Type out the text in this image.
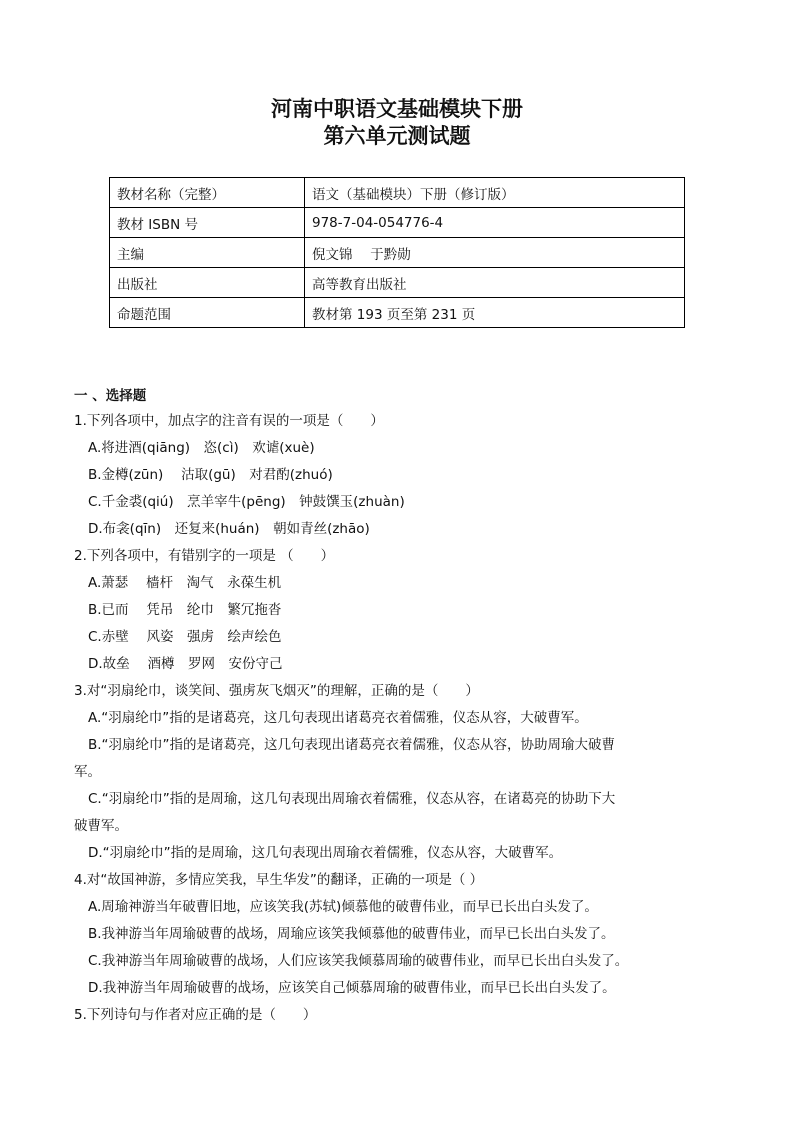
河南中职语文基础模块下册
第六单元测试题
教材名称（完整）	语文（基础模块）下册（修订版）
教材 ISBN 号	978-7-04-054776-4
主编	倪文锦　 于黔勋
出版社	高等教育出版社
命题范围	教材第 193 页至第 231 页
一 、选择题
1.下列各项中，加点字的注音有误的一项是（　　）
A.将进酒(qiāng)　恣(cì)　欢谑(xuè)
B.金樽(zūn)　 沽取(gū)　对君酌(zhuó)
C.千金裘(qiú)　烹羊宰牛(pēng)　钟鼓馔玉(zhuàn)
D.布衾(qīn)　还复来(huán)　朝如青丝(zhāo)
2.下列各项中，有错别字的一项是 （　　）
A.萧瑟　 樯杆　淘气　永葆生机
B.已而　 凭吊　纶巾　繁冗拖沓
C.赤壁　 风姿　强虏　绘声绘色
D.故垒　 酒樽　罗网　安份守己
3.对“羽扇纶巾，谈笑间、强虏灰飞烟灭”的理解，正确的是（　　）
A.“羽扇纶巾”指的是诸葛亮，这几句表现出诸葛亮衣着儒雅，仪态从容，大破曹军。
B.“羽扇纶巾”指的是诸葛亮，这几句表现出诸葛亮衣着儒雅，仪态从容，协助周瑜大破曹
军。
C.“羽扇纶巾”指的是周瑜，这几句表现出周瑜衣着儒雅，仪态从容，在诸葛亮的协助下大
破曹军。
D.“羽扇纶巾”指的是周瑜，这几句表现出周瑜衣着儒雅，仪态从容，大破曹军。
4.对“故国神游，多情应笑我，早生华发”的翻译，正确的一项是（ ）
A.周瑜神游当年破曹旧地，应该笑我(苏轼)倾慕他的破曹伟业，而早已长出白头发了。
B.我神游当年周瑜破曹的战场，周瑜应该笑我倾慕他的破曹伟业，而早已长出白头发了。
C.我神游当年周瑜破曹的战场，人们应该笑我倾慕周瑜的破曹伟业，而早已长出白头发了。
D.我神游当年周瑜破曹的战场，应该笑自己倾慕周瑜的破曹伟业，而早已长出白头发了。
5.下列诗句与作者对应正确的是（　　）
